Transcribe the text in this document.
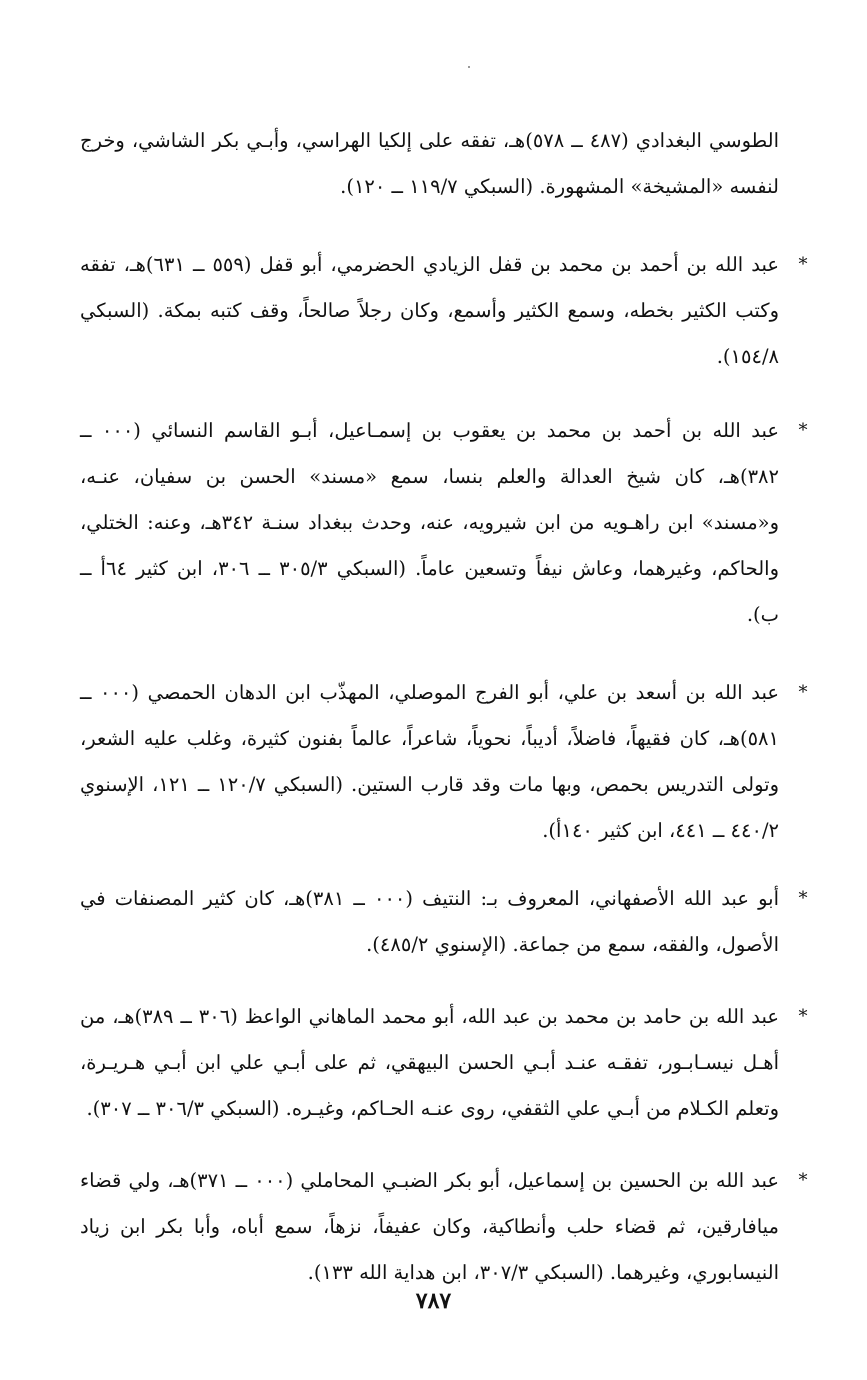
الطوسي البغدادي (٤٨٧ ــ ٥٧٨)هـ، تفقه على إلكيا الهراسي، وأبـي بكر الشاشي، وخرج لنفسه «المشيخة» المشهورة. (السبكي ١١٩/٧ ــ ١٢٠).

*

عبد الله بن أحمد بن محمد بن قفل الزيادي الحضرمي، أبو قفل (٥٥٩ ــ ٦٣١)هـ، تفقه وكتب الكثير بخطه، وسمع الكثير وأسمع، وكان رجلاً صالحاً، وقف كتبه بمكة. (السبكي ١٥٤/٨).

*

عبد الله بن أحمد بن محمد بن يعقوب بن إسمـاعيل، أبـو القاسم النسائي (٠٠٠ ــ ٣٨٢)هـ، كان شيخ العدالة والعلم بنسا، سمع «مسند» الحسن بن سفيان، عنـه، و«مسند» ابن راهـويه من ابن شيرويه، عنه، وحدث ببغداد سنـة ٣٤٢هـ، وعنه: الختلي، والحاكم، وغيرهما، وعاش نيفاً وتسعين عاماً. (السبكي ٣٠٥/٣ ــ ٣٠٦، ابن كثير ٦٤أ ــ ب).

*

عبد الله بن أسعد بن علي، أبو الفرج الموصلي، المهذّب ابن الدهان الحمصي (٠٠٠ ــ ٥٨١)هـ، كان فقيهاً، فاضلاً، أديباً، نحوياً، شاعراً، عالماً بفنون كثيرة، وغلب عليه الشعر، وتولى التدريس بحمص، وبها مات وقد قارب الستين. (السبكي ١٢٠/٧ ــ ١٢١، الإسنوي ٤٤٠/٢ ــ ٤٤١، ابن كثير ١٤٠أ).

*

أبو عبد الله الأصفهاني، المعروف بـ: النتيف (٠٠٠ ــ ٣٨١)هـ، كان كثير المصنفات في الأصول، والفقه، سمع من جماعة. (الإسنوي ٤٨٥/٢).

*

عبد الله بن حامد بن محمد بن عبد الله، أبو محمد الماهاني الواعظ (٣٠٦ ــ ٣٨٩)هـ، من أهـل نيسـابـور، تفقـه عنـد أبـي الحسن البيهقي، ثم على أبـي علي ابن أبـي هـريـرة، وتعلم الكـلام من أبـي علي الثقفي، روى عنـه الحـاكم، وغيـره. (السبكي ٣٠٦/٣ ــ ٣٠٧).

*

عبد الله بن الحسين بن إسماعيل، أبو بكر الضبـي المحاملي (٠٠٠ ــ ٣٧١)هـ، ولي قضاء ميافارقين، ثم قضاء حلب وأنطاكية، وكان عفيفاً، نزهاً، سمع أباه، وأبا بكر ابن زياد النيسابوري، وغيرهما. (السبكي ٣٠٧/٣، ابن هداية الله ١٣٣).

٧٨٧
